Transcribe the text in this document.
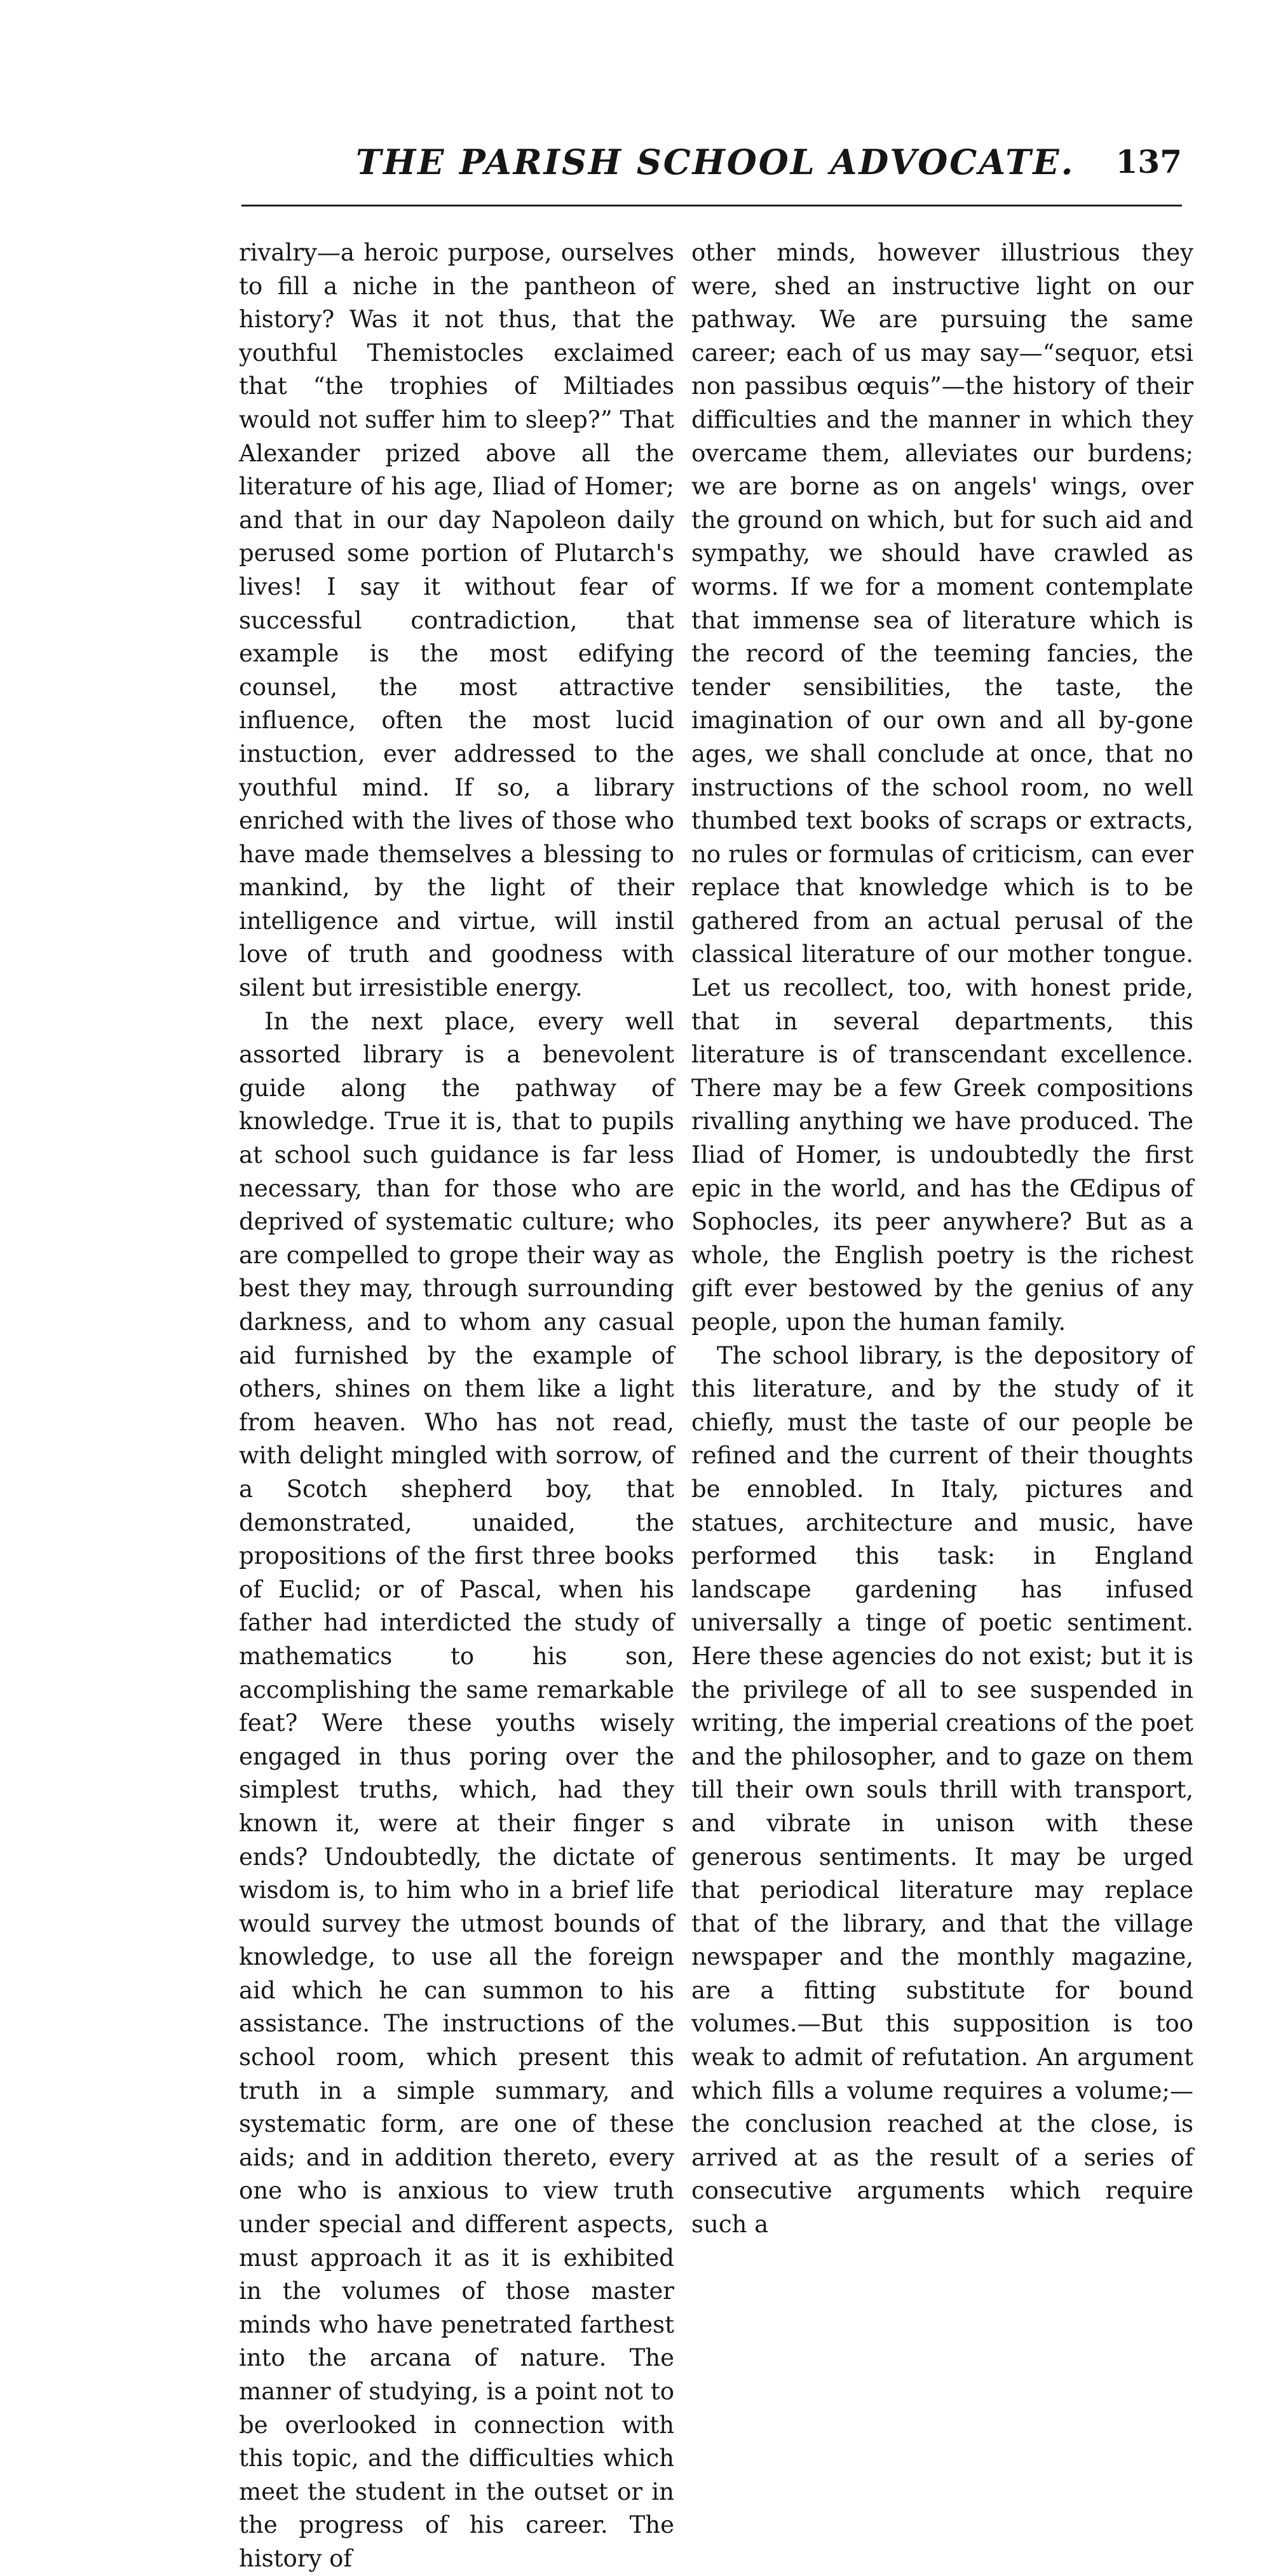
THE PARISH SCHOOL ADVOCATE. 137

rivalry—a heroic purpose, ourselves to fill a niche in the pantheon of history? Was it not thus, that the youthful Themistocles exclaimed that “the trophies of Miltiades would not suffer him to sleep?” That Alexander prized above all the literature of his age, Iliad of Homer; and that in our day Napoleon daily perused some portion of Plutarch's lives! I say it without fear of successful contradiction, that example is the most edifying counsel, the most attractive influence, often the most lucid instuction, ever addressed to the youthful mind. If so, a library enriched with the lives of those who have made themselves a blessing to mankind, by the light of their intelligence and virtue, will instil love of truth and goodness with silent but irresistible energy.

In the next place, every well assorted library is a benevolent guide along the pathway of knowledge. True it is, that to pupils at school such guidance is far less necessary, than for those who are deprived of systematic culture; who are compelled to grope their way as best they may, through surrounding darkness, and to whom any casual aid furnished by the example of others, shines on them like a light from heaven. Who has not read, with delight mingled with sorrow, of a Scotch shepherd boy, that demonstrated, unaided, the propositions of the first three books of Euclid; or of Pascal, when his father had interdicted the study of mathematics to his son, accomplishing the same remarkable feat? Were these youths wisely engaged in thus poring over the simplest truths, which, had they known it, were at their finger s ends? Undoubtedly, the dictate of wisdom is, to him who in a brief life would survey the utmost bounds of knowledge, to use all the foreign aid which he can summon to his assistance. The instructions of the school room, which present this truth in a simple summary, and systematic form, are one of these aids; and in addition thereto, every one who is anxious to view truth under special and different aspects, must approach it as it is exhibited in the volumes of those master minds who have penetrated farthest into the arcana of nature. The manner of studying, is a point not to be overlooked in connection with this topic, and the difficulties which meet the student in the outset or in the progress of his career. The history of

other minds, however illustrious they were, shed an instructive light on our pathway. We are pursuing the same career; each of us may say—“sequor, etsi non passibus œquis”—the history of their difficulties and the manner in which they overcame them, alleviates our burdens; we are borne as on angels' wings, over the ground on which, but for such aid and sympathy, we should have crawled as worms. If we for a moment contemplate that immense sea of literature which is the record of the teeming fancies, the tender sensibilities, the taste, the imagination of our own and all by-gone ages, we shall conclude at once, that no instructions of the school room, no well thumbed text books of scraps or extracts, no rules or formulas of criticism, can ever replace that knowledge which is to be gathered from an actual perusal of the classical literature of our mother tongue. Let us recollect, too, with honest pride, that in several departments, this literature is of transcendant excellence. There may be a few Greek compositions rivalling anything we have produced. The Iliad of Homer, is undoubtedly the first epic in the world, and has the Œdipus of Sophocles, its peer anywhere? But as a whole, the English poetry is the richest gift ever bestowed by the genius of any people, upon the human family.

The school library, is the depository of this literature, and by the study of it chiefly, must the taste of our people be refined and the current of their thoughts be ennobled. In Italy, pictures and statues, architecture and music, have performed this task: in England landscape gardening has infused universally a tinge of poetic sentiment. Here these agencies do not exist; but it is the privilege of all to see suspended in writing, the imperial creations of the poet and the philosopher, and to gaze on them till their own souls thrill with transport, and vibrate in unison with these generous sentiments. It may be urged that periodical literature may replace that of the library, and that the village newspaper and the monthly magazine, are a fitting substitute for bound volumes.—But this supposition is too weak to admit of refutation. An argument which fills a volume requires a volume;—the conclusion reached at the close, is arrived at as the result of a series of consecutive arguments which require such a
